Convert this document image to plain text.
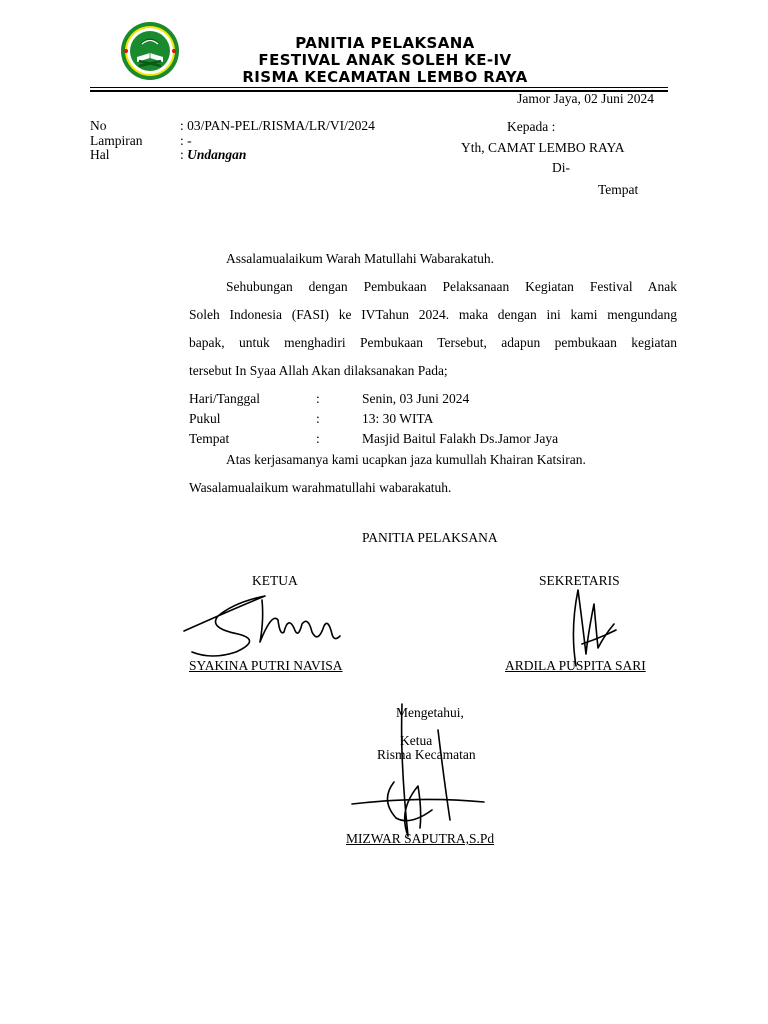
PANITIA PELAKSANA
FESTIVAL ANAK SOLEH KE-IV
RISMA KECAMATAN LEMBO RAYA
Jamor Jaya, 02 Juni 2024
No	: 03/PAN-PEL/RISMA/LR/VI/2024
Lampiran	: -
Hal	: Undangan
Kepada :
Yth, CAMAT LEMBO RAYA
Di-
Tempat
Assalamualaikum Warah Matullahi Wabarakatuh.
Sehubungan dengan Pembukaan Pelaksanaan Kegiatan Festival Anak
Soleh Indonesia (FASI) ke IVTahun 2024. maka dengan ini kami mengundang
bapak, untuk menghadiri Pembukaan Tersebut, adapun pembukaan kegiatan
tersebut In Syaa Allah Akan dilaksanakan Pada;
Hari/Tanggal	:	Senin, 03 Juni 2024
Pukul	:	13: 30 WITA
Tempat	:	Masjid Baitul Falakh Ds.Jamor Jaya
Atas kerjasamanya kami ucapkan jaza kumullah Khairan Katsiran.
Wasalamualaikum warahmatullahi wabarakatuh.
PANITIA PELAKSANA
KETUA	SEKRETARIS
SYAKINA PUTRI NAVISA	ARDILA PUSPITA SARI
Mengetahui,
Ketua
Risma Kecamatan
MIZWAR SAPUTRA,S.Pd
